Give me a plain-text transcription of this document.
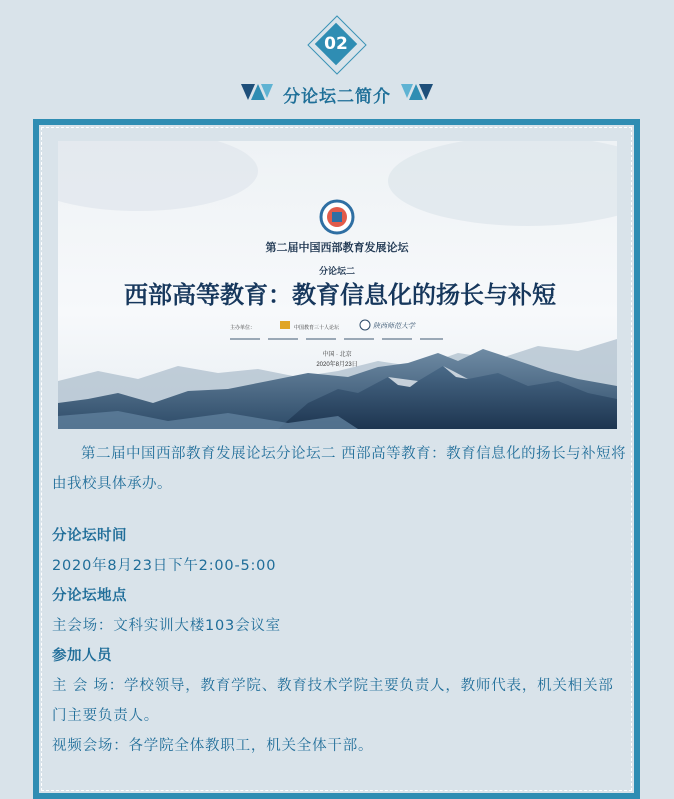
02
分论坛二简介
第二届中国西部教育发展论坛
分论坛二
西部高等教育：教育信息化的扬长与补短
主办单位：	中国教育三十人论坛	陕西师范大学
中国 · 北京
2020年8月23日

第二届中国西部教育发展论坛分论坛二 西部高等教育：教育信息化的扬长与补短将由我校具体承办。

分论坛时间

2020年8月23日下午2:00-5:00

分论坛地点

主会场：文科实训大楼103会议室

参加人员

主 会 场：学校领导，教育学院、教育技术学院主要负责人，教师代表，机关相关部门主要负责人。

视频会场：各学院全体教职工，机关全体干部。
